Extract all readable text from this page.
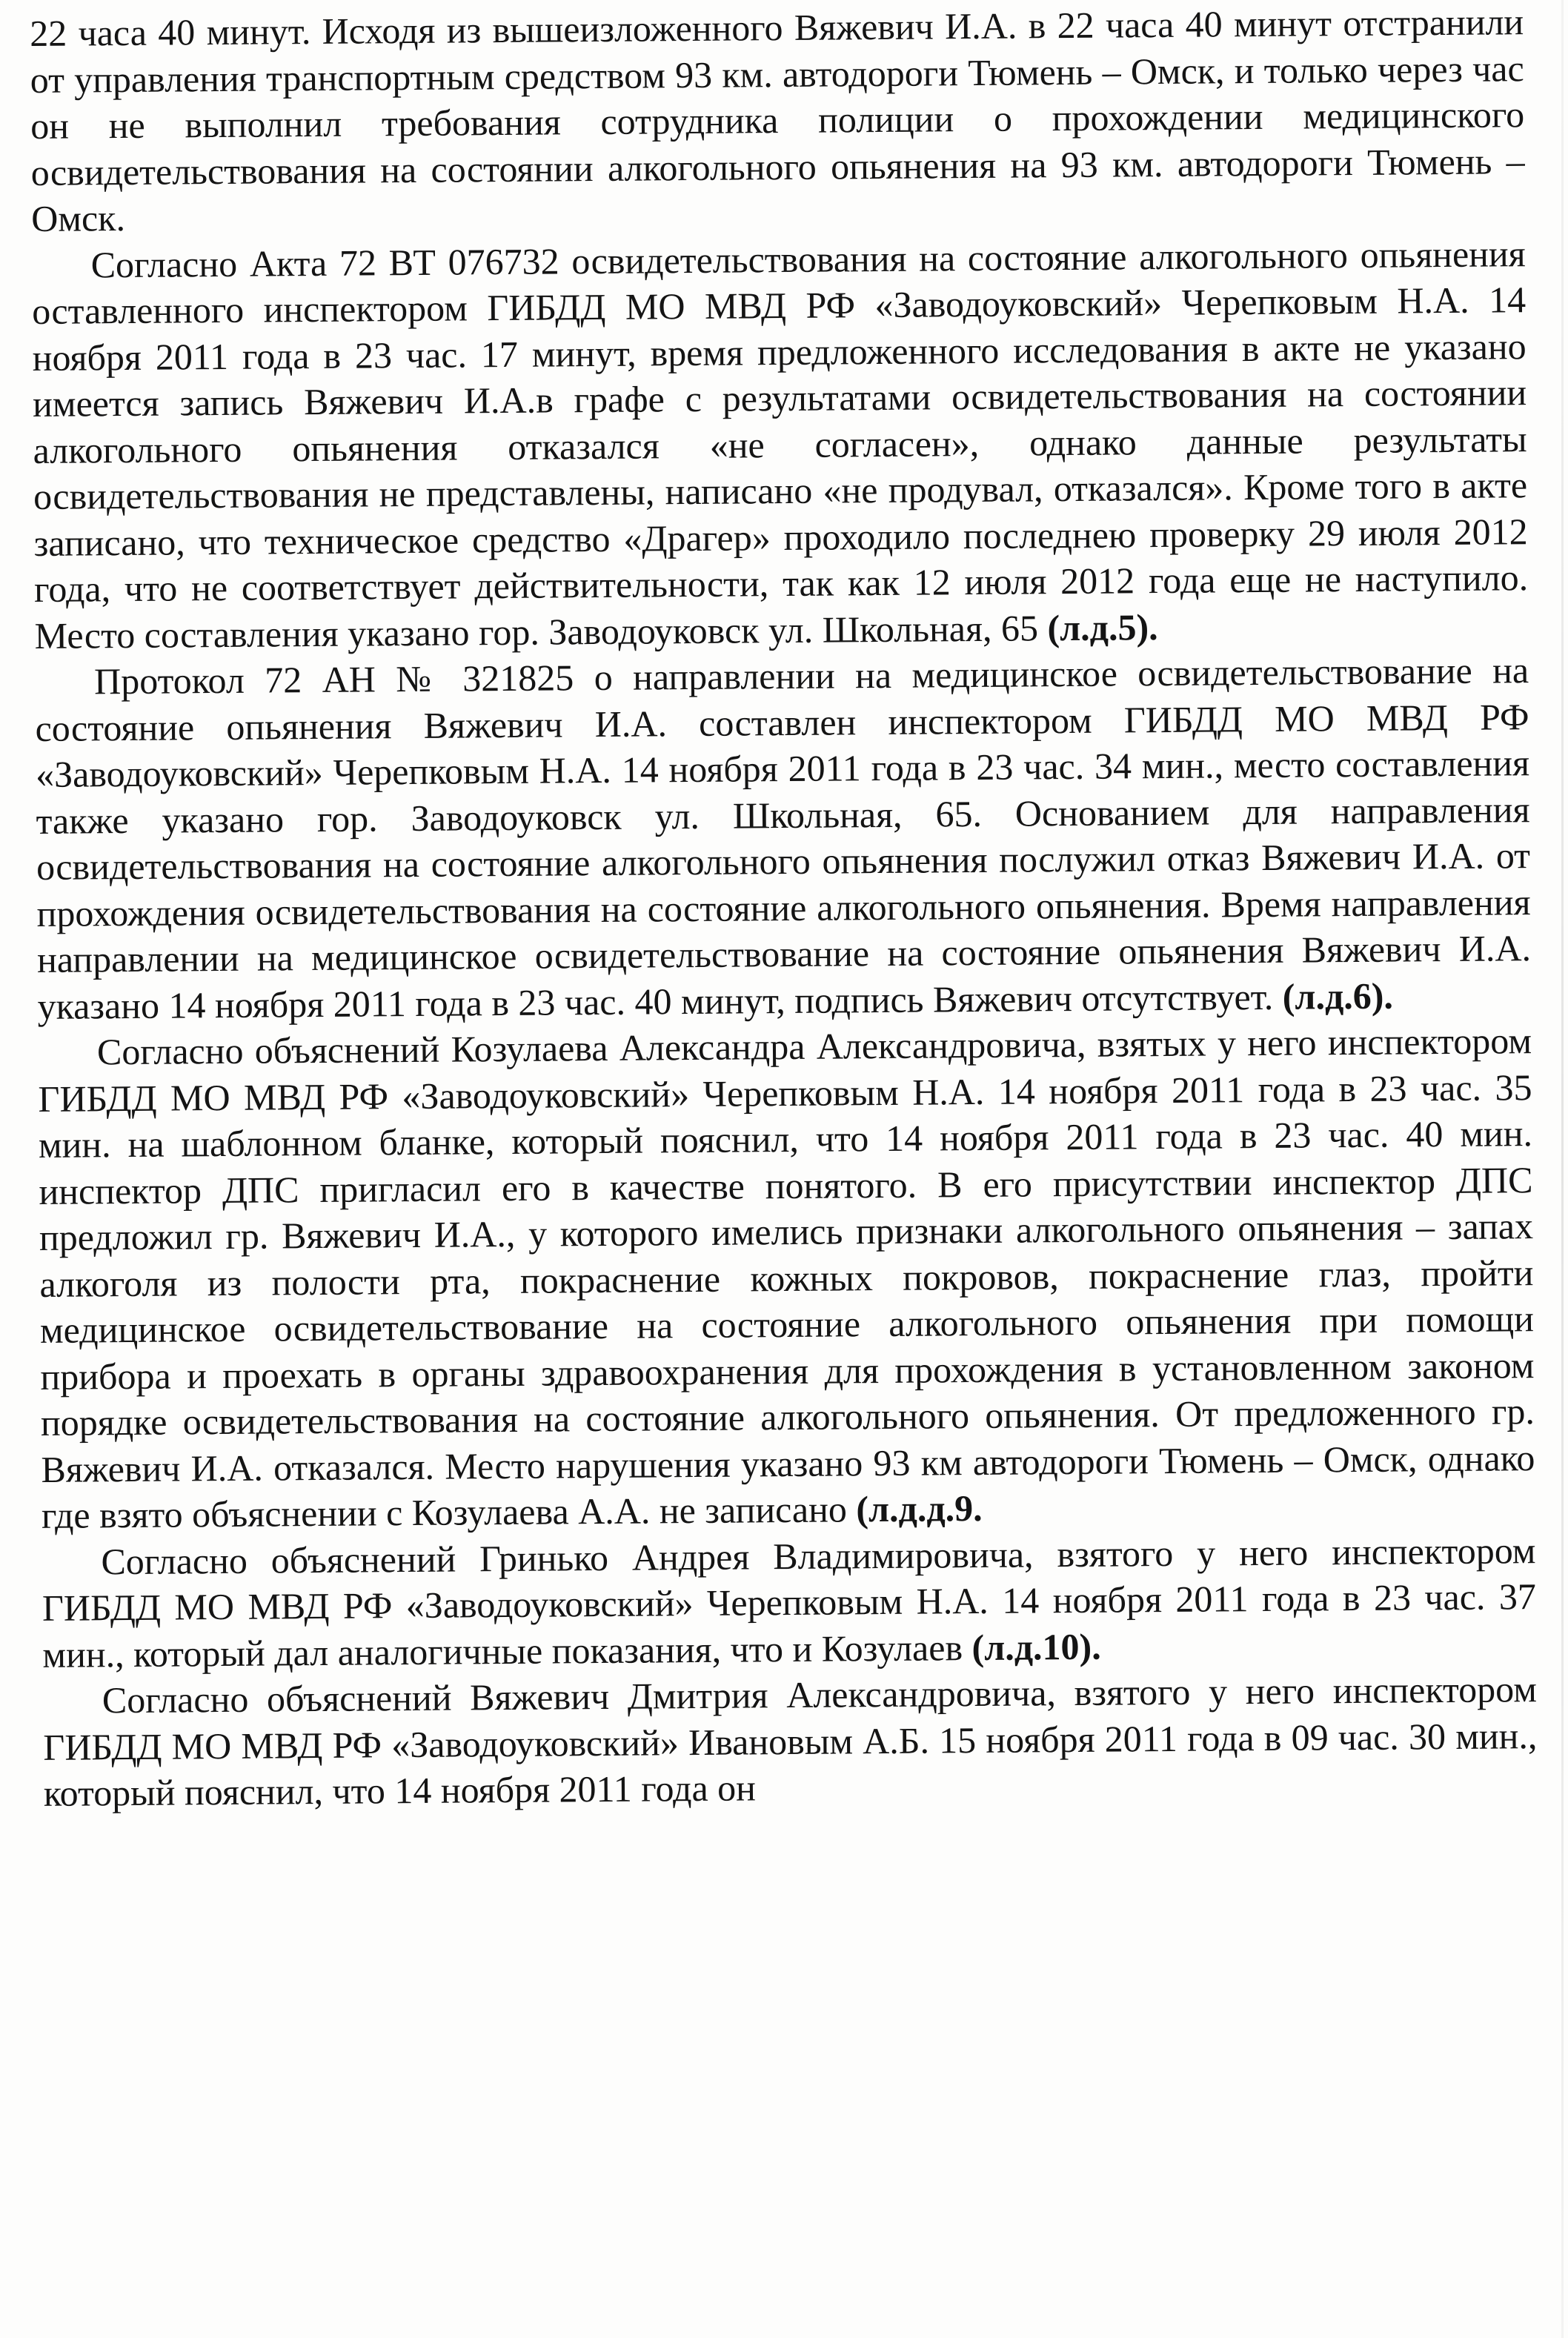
22 часа 40 минут. Исходя из вышеизложенного Вяжевич И.А. в 22 часа 40 минут отстранили от управления транспортным средством 93 км. автодороги Тюмень – Омск, и только через час он не выполнил требования сотрудника полиции о прохождении медицинского освидетельствования на состоянии алкогольного опьянения на 93 км. автодороги Тюмень – Омск.

Согласно Акта 72 ВТ 076732 освидетельствования на состояние алкогольного опьянения оставленного инспектором ГИБДД МО МВД РФ «Заводоуковский» Черепковым Н.А. 14 ноября 2011 года в 23 час. 17 минут, время предложенного исследования в акте не указано имеется запись Вяжевич И.А.в графе с результатами освидетельствования на состоянии алкогольного опьянения отказался «не согласен», однако данные результаты освидетельствования не представлены, написано «не продувал, отказался». Кроме того в акте записано, что техническое средство «Драгер» проходило последнею проверку 29 июля 2012 года, что не соответствует действительности, так как 12 июля 2012 года еще не наступило. Место составления указано гор. Заводоуковск ул. Школьная, 65 (л.д.5).

Протокол 72 АН № 321825 о направлении на медицинское освидетельствование на состояние опьянения Вяжевич И.А. составлен инспектором ГИБДД МО МВД РФ «Заводоуковский» Черепковым Н.А. 14 ноября 2011 года в 23 час. 34 мин., место составления также указано гор. Заводоуковск ул. Школьная, 65. Основанием для направления освидетельствования на состояние алкогольного опьянения послужил отказ Вяжевич И.А. от прохождения освидетельствования на состояние алкогольного опьянения. Время направления направлении на медицинское освидетельствование на состояние опьянения Вяжевич И.А. указано 14 ноября 2011 года в 23 час. 40 минут, подпись Вяжевич отсутствует. (л.д.6).

Согласно объяснений Козулаева Александра Александровича, взятых у него инспектором ГИБДД МО МВД РФ «Заводоуковский» Черепковым Н.А. 14 ноября 2011 года в 23 час. 35 мин. на шаблонном бланке, который пояснил, что 14 ноября 2011 года в 23 час. 40 мин. инспектор ДПС пригласил его в качестве понятого. В его присутствии инспектор ДПС предложил гр. Вяжевич И.А., у которого имелись признаки алкогольного опьянения – запах алкоголя из полости рта, покраснение кожных покровов, покраснение глаз, пройти медицинское освидетельствование на состояние алкогольного опьянения при помощи прибора и проехать в органы здравоохранения для прохождения в установленном законом порядке освидетельствования на состояние алкогольного опьянения. От предложенного гр. Вяжевич И.А. отказался. Место нарушения указано 93 км автодороги Тюмень – Омск, однако где взято объяснении с Козулаева А.А. не записано (л.д.д.9.

Согласно объяснений Гринько Андрея Владимировича, взятого у него инспектором ГИБДД МО МВД РФ «Заводоуковский» Черепковым Н.А. 14 ноября 2011 года в 23 час. 37 мин., который дал аналогичные показания, что и Козулаев (л.д.10).

Согласно объяснений Вяжевич Дмитрия Александровича, взятого у него инспектором ГИБДД МО МВД РФ «Заводоуковский» Ивановым А.Б. 15 ноября 2011 года в 09 час. 30 мин., который пояснил, что 14 ноября 2011 года он
